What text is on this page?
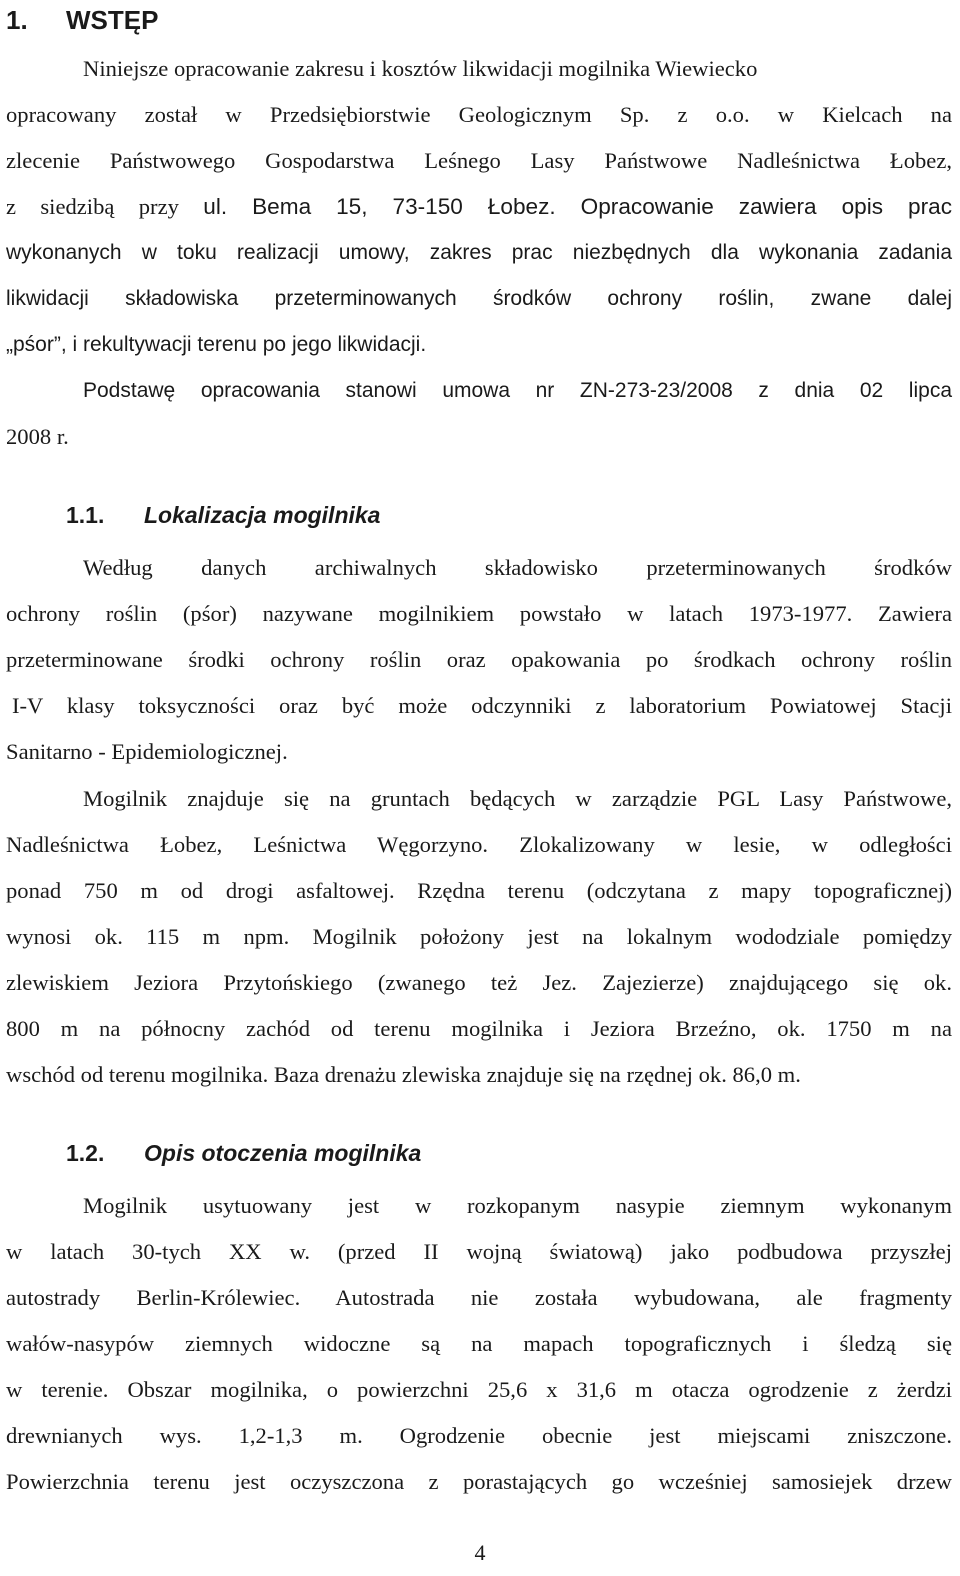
1. WSTĘP
Niniejsze opracowanie zakresu i kosztów likwidacji mogilnika Wiewiecko
opracowany został w Przedsiębiorstwie Geologicznym Sp. z o.o. w Kielcach na
zlecenie Państwowego Gospodarstwa Leśnego Lasy Państwowe Nadleśnictwa Łobez,
z siedzibą przy ul. Bema 15, 73-150 Łobez. Opracowanie zawiera opis prac
wykonanych w toku realizacji umowy, zakres prac niezbędnych dla wykonania zadania
likwidacji składowiska przeterminowanych środków ochrony roślin, zwane dalej
„pśor”, i rekultywacji terenu po jego likwidacji.
Podstawę opracowania stanowi umowa nr ZN-273-23/2008 z dnia 02 lipca
2008 r.
1.1. Lokalizacja mogilnika
Według danych archiwalnych składowisko przeterminowanych środków
ochrony roślin (pśor) nazywane mogilnikiem powstało w latach 1973-1977. Zawiera
przeterminowane środki ochrony roślin oraz opakowania po środkach ochrony roślin
I-V klasy toksyczności oraz być może odczynniki z laboratorium Powiatowej Stacji
Sanitarno - Epidemiologicznej.
Mogilnik znajduje się na gruntach będących w zarządzie PGL Lasy Państwowe,
Nadleśnictwa Łobez, Leśnictwa Węgorzyno. Zlokalizowany w lesie, w odległości
ponad 750 m od drogi asfaltowej. Rzędna terenu (odczytana z mapy topograficznej)
wynosi ok. 115 m npm. Mogilnik położony jest na lokalnym wododziale pomiędzy
zlewiskiem Jeziora Przytońskiego (zwanego też Jez. Zajezierze) znajdującego się ok.
800 m na północny zachód od terenu mogilnika i Jeziora Brzeźno, ok. 1750 m na
wschód od terenu mogilnika. Baza drenażu zlewiska znajduje się na rzędnej ok. 86,0 m.
1.2. Opis otoczenia mogilnika
Mogilnik usytuowany jest w rozkopanym nasypie ziemnym wykonanym
w latach 30-tych XX w. (przed II wojną światową) jako podbudowa przyszłej
autostrady Berlin-Królewiec. Autostrada nie została wybudowana, ale fragmenty
wałów-nasypów ziemnych widoczne są na mapach topograficznych i śledzą się
w terenie. Obszar mogilnika, o powierzchni 25,6 x 31,6 m otacza ogrodzenie z żerdzi
drewnianych wys. 1,2-1,3 m. Ogrodzenie obecnie jest miejscami zniszczone.
Powierzchnia terenu jest oczyszczona z porastających go wcześniej samosiejek drzew
4
